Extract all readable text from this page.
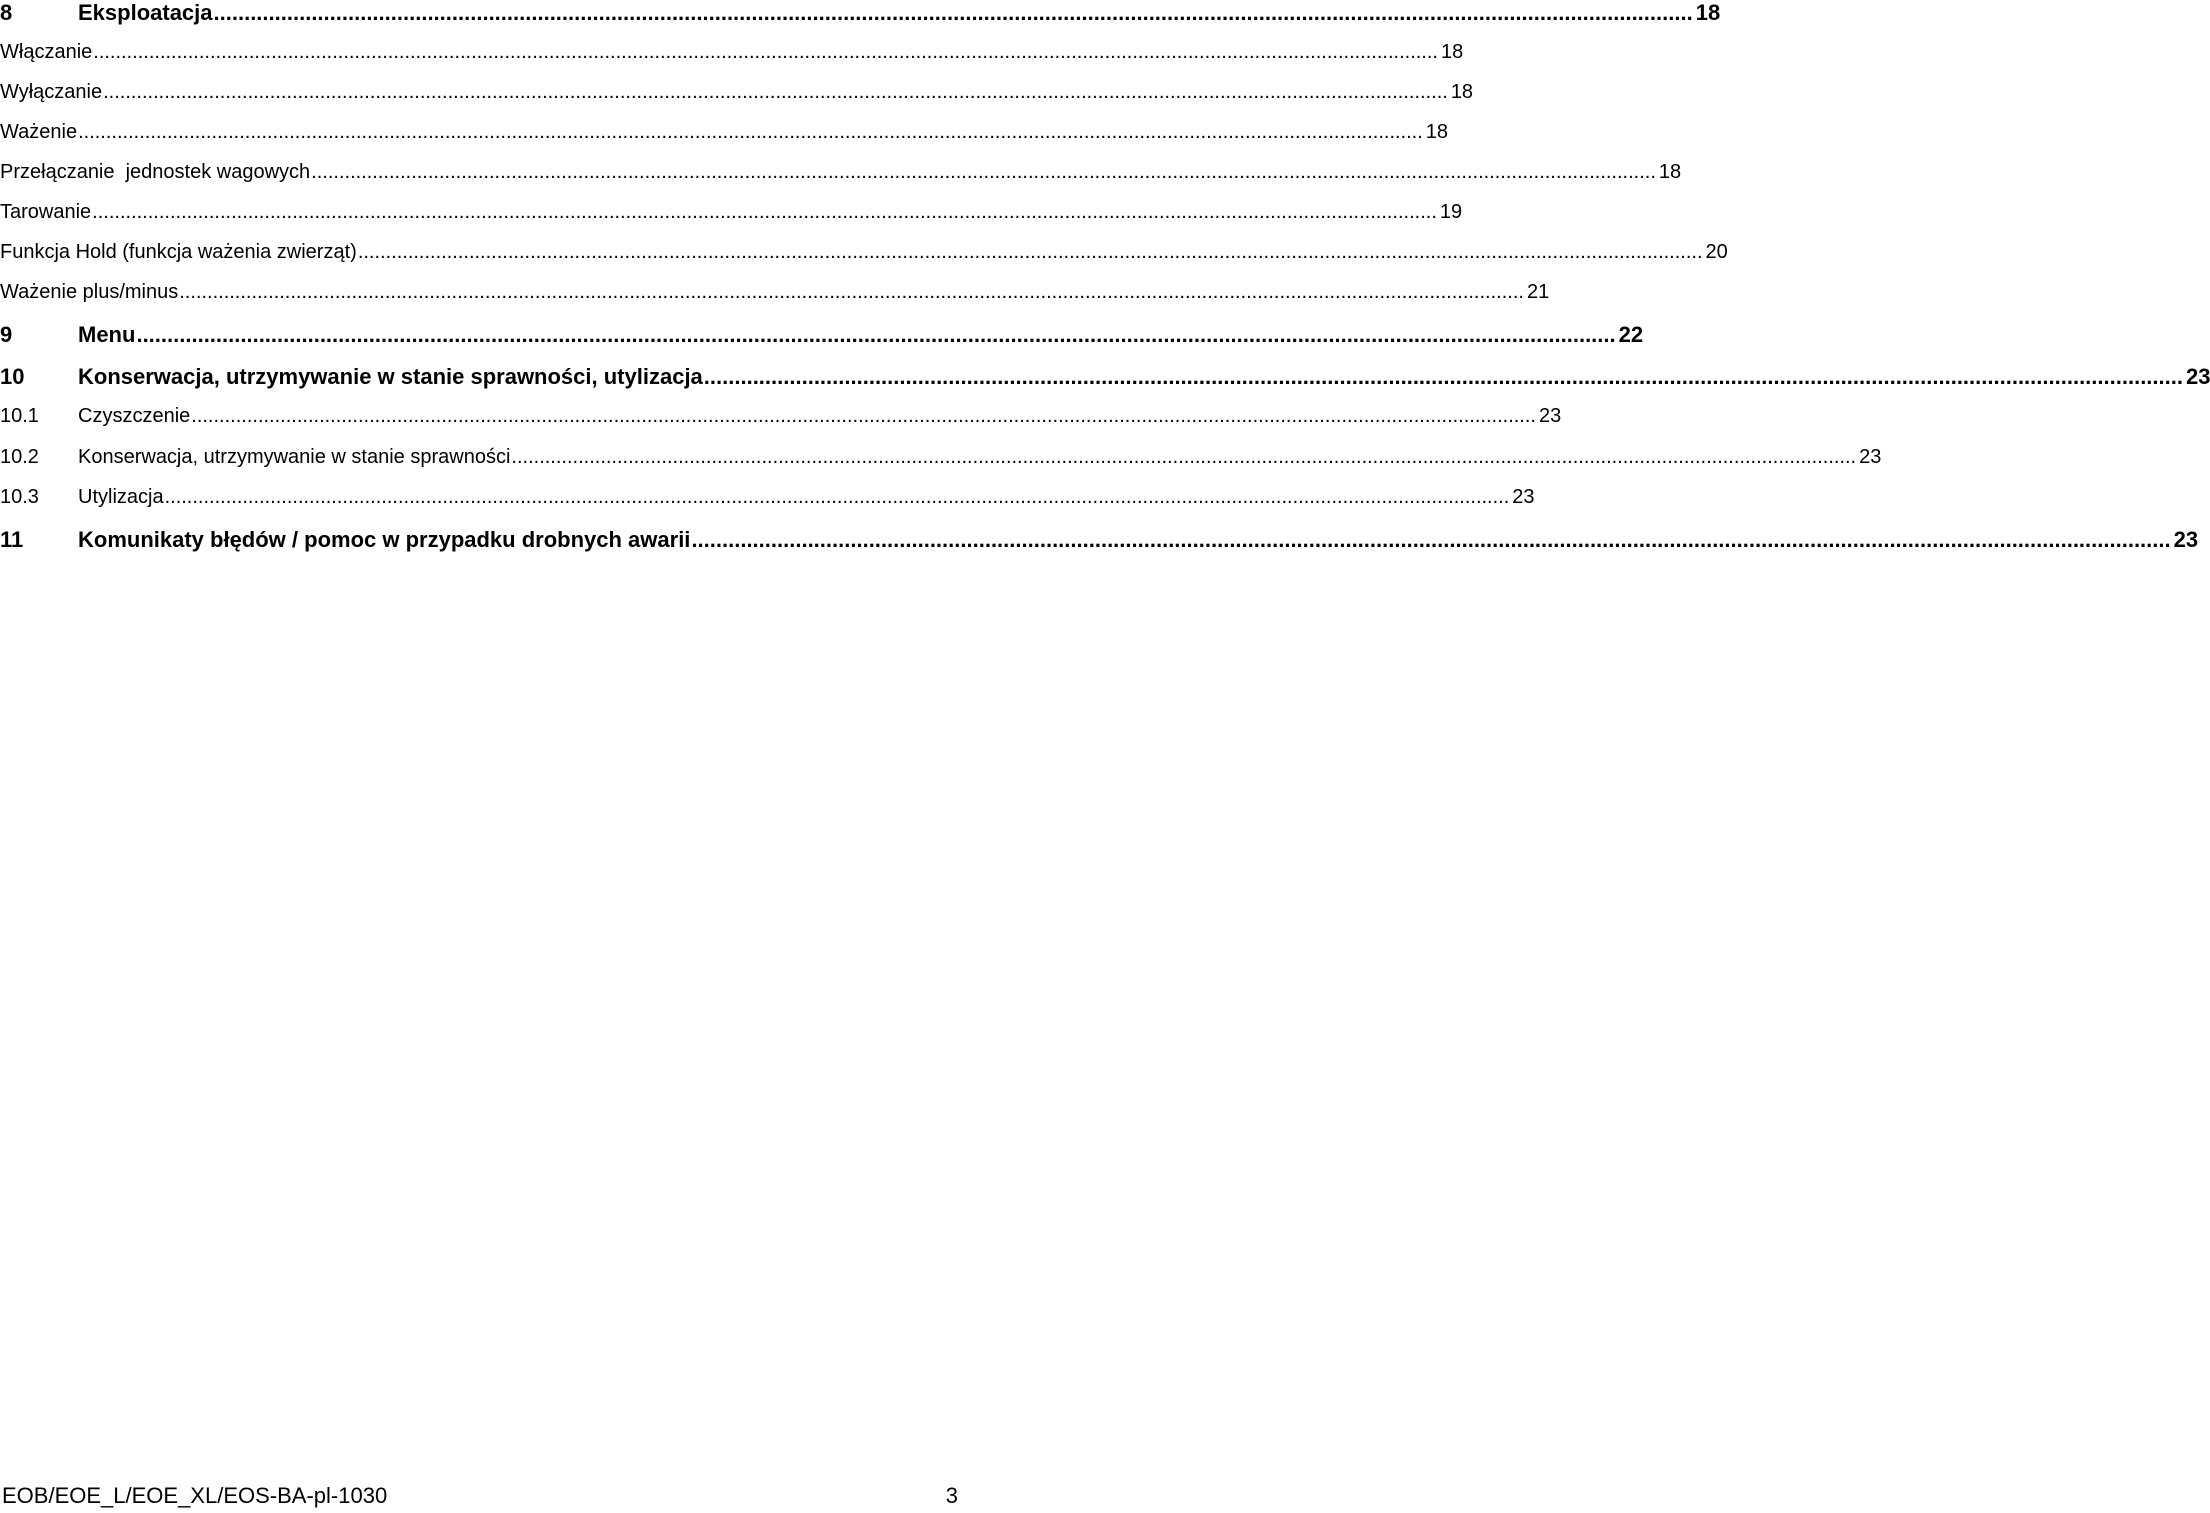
8	Eksploatacja .....	18
Włączanie .....	18
Wyłączanie .....	18
Ważenie .....	18
Przełączanie  jednostek wagowych .....	18
Tarowanie .....	19
Funkcja Hold (funkcja ważenia zwierząt) .....	20
Ważenie plus/minus .....	21
9	Menu .....	22
10	Konserwacja, utrzymywanie w stanie sprawności, utylizacja .....	23
10.1	Czyszczenie .....	23
10.2	Konserwacja, utrzymywanie w stanie sprawności .....	23
10.3	Utylizacja .....	23
11	Komunikaty błędów / pomoc w przypadku drobnych awarii .....	23
EOB/EOE_L/EOE_XL/EOS-BA-pl-1030	3
